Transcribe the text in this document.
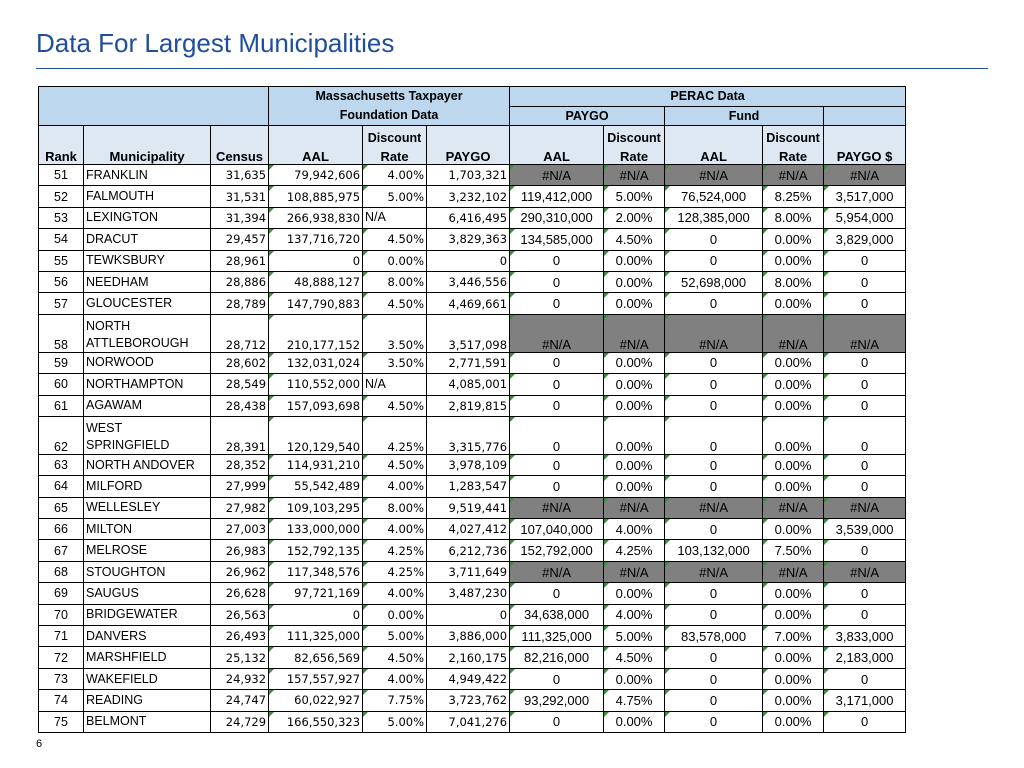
Data For Largest Municipalities

			Massachusetts Taxpayer
Foundation Data			PERAC Data				
						PAYGO		Fund		
				Discount			Discount		Discount	
Rank	Municipality	Census	AAL	Rate	PAYGO	AAL	Rate	AAL	Rate	PAYGO $
51	FRANKLIN	31,635	79,942,606	4.00%	1,703,321	#N/A	#N/A	#N/A	#N/A	#N/A
52	FALMOUTH	31,531	108,885,975	5.00%	3,232,102	119,412,000	5.00%	76,524,000	8.25%	3,517,000
53	LEXINGTON	31,394	266,938,830	N/A	6,416,495	290,310,000	2.00%	128,385,000	8.00%	5,954,000
54	DRACUT	29,457	137,716,720	4.50%	3,829,363	134,585,000	4.50%	0	0.00%	3,829,000
55	TEWKSBURY	28,961	0	0.00%	0	0	0.00%	0	0.00%	0
56	NEEDHAM	28,886	48,888,127	8.00%	3,446,556	0	0.00%	52,698,000	8.00%	0
57	GLOUCESTER	28,789	147,790,883	4.50%	4,469,661	0	0.00%	0	0.00%	0
58	NORTH ATTLEBOROUGH	28,712	210,177,152	3.50%	3,517,098	#N/A	#N/A	#N/A	#N/A	#N/A
59	NORWOOD	28,602	132,031,024	3.50%	2,771,591	0	0.00%	0	0.00%	0
60	NORTHAMPTON	28,549	110,552,000	N/A	4,085,001	0	0.00%	0	0.00%	0
61	AGAWAM	28,438	157,093,698	4.50%	2,819,815	0	0.00%	0	0.00%	0
62	WEST SPRINGFIELD	28,391	120,129,540	4.25%	3,315,776	0	0.00%	0	0.00%	0
63	NORTH ANDOVER	28,352	114,931,210	4.50%	3,978,109	0	0.00%	0	0.00%	0
64	MILFORD	27,999	55,542,489	4.00%	1,283,547	0	0.00%	0	0.00%	0
65	WELLESLEY	27,982	109,103,295	8.00%	9,519,441	#N/A	#N/A	#N/A	#N/A	#N/A
66	MILTON	27,003	133,000,000	4.00%	4,027,412	107,040,000	4.00%	0	0.00%	3,539,000
67	MELROSE	26,983	152,792,135	4.25%	6,212,736	152,792,000	4.25%	103,132,000	7.50%	0
68	STOUGHTON	26,962	117,348,576	4.25%	3,711,649	#N/A	#N/A	#N/A	#N/A	#N/A
69	SAUGUS	26,628	97,721,169	4.00%	3,487,230	0	0.00%	0	0.00%	0
70	BRIDGEWATER	26,563	0	0.00%	0	34,638,000	4.00%	0	0.00%	0
71	DANVERS	26,493	111,325,000	5.00%	3,886,000	111,325,000	5.00%	83,578,000	7.00%	3,833,000
72	MARSHFIELD	25,132	82,656,569	4.50%	2,160,175	82,216,000	4.50%	0	0.00%	2,183,000
73	WAKEFIELD	24,932	157,557,927	4.00%	4,949,422	0	0.00%	0	0.00%	0
74	READING	24,747	60,022,927	7.75%	3,723,762	93,292,000	4.75%	0	0.00%	3,171,000
75	BELMONT	24,729	166,550,323	5.00%	7,041,276	0	0.00%	0	0.00%	0
6
